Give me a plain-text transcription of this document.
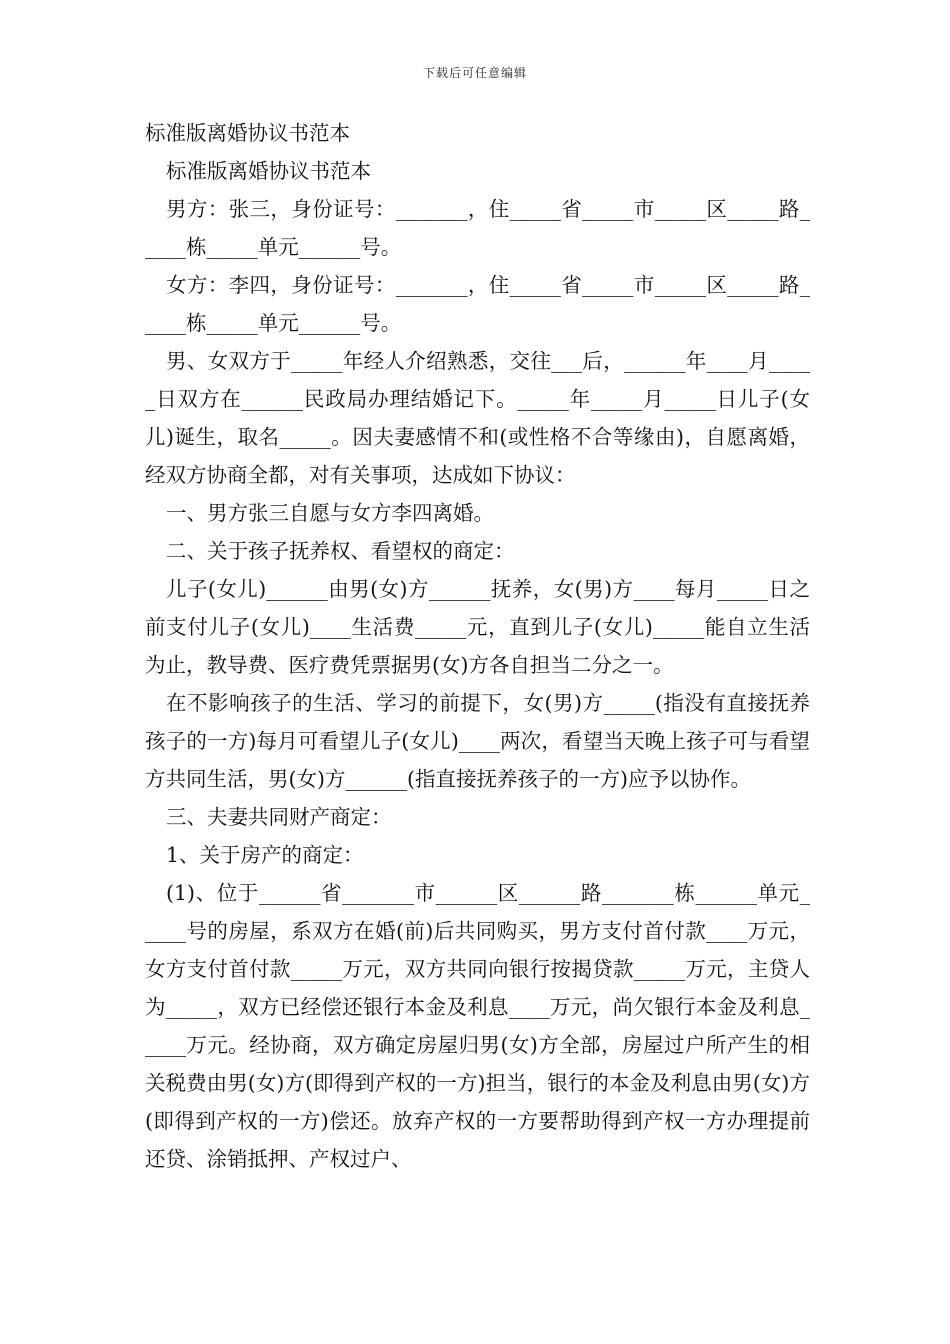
下载后可任意编辑
标准版离婚协议书范本

标准版离婚协议书范本

男方：张三，身份证号：_______，住_____省_____市_____区_____路_____栋_____单元______号。

女方：李四，身份证号：_______，住_____省_____市_____区_____路_____栋_____单元______号。

男、女双方于_____年经人介绍熟悉，交往___后，______年____月_____日双方在______民政局办理结婚记下。_____年_____月_____日儿子(女儿)诞生，取名_____。因夫妻感情不和(或性格不合等缘由)，自愿离婚，经双方协商全都，对有关事项，达成如下协议：

一、男方张三自愿与女方李四离婚。

二、关于孩子抚养权、看望权的商定：

儿子(女儿)______由男(女)方______抚养，女(男)方____每月_____日之前支付儿子(女儿)____生活费_____元，直到儿子(女儿)_____能自立生活为止，教导费、医疗费凭票据男(女)方各自担当二分之一。

在不影响孩子的生活、学习的前提下，女(男)方_____(指没有直接抚养孩子的一方)每月可看望儿子(女儿)____两次，看望当天晚上孩子可与看望方共同生活，男(女)方______(指直接抚养孩子的一方)应予以协作。

三、夫妻共同财产商定：

1、关于房产的商定：

(1)、位于______省_______市______区______路_______栋______单元_____号的房屋，系双方在婚(前)后共同购买，男方支付首付款____万元，女方支付首付款_____万元，双方共同向银行按揭贷款_____万元，主贷人为_____，双方已经偿还银行本金及利息____万元，尚欠银行本金及利息_____万元。经协商，双方确定房屋归男(女)方全部，房屋过户所产生的相关税费由男(女)方(即得到产权的一方)担当，银行的本金及利息由男(女)方(即得到产权的一方)偿还。放弃产权的一方要帮助得到产权一方办理提前还贷、涂销抵押、产权过户、
